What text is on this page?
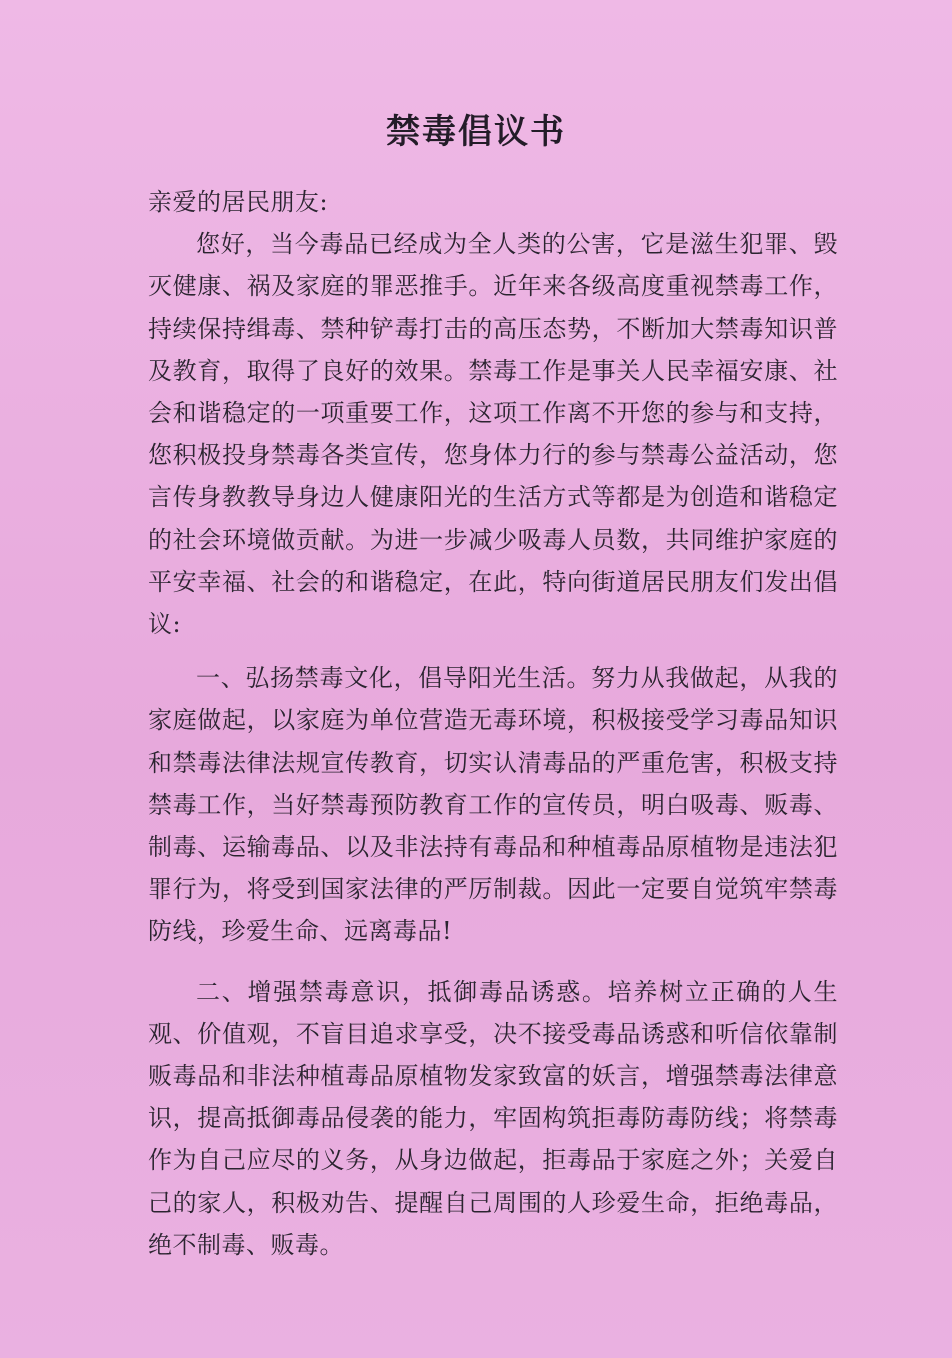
禁毒倡议书

亲爱的居民朋友:

您好，当今毒品已经成为全人类的公害，它是滋生犯罪、毁灭健康、祸及家庭的罪恶推手。近年来各级高度重视禁毒工作，持续保持缉毒、禁种铲毒打击的高压态势，不断加大禁毒知识普及教育，取得了良好的效果。禁毒工作是事关人民幸福安康、社会和谐稳定的一项重要工作，这项工作离不开您的参与和支持，您积极投身禁毒各类宣传，您身体力行的参与禁毒公益活动，您言传身教教导身边人健康阳光的生活方式等都是为创造和谐稳定的社会环境做贡献。为进一步减少吸毒人员数，共同维护家庭的平安幸福、社会的和谐稳定，在此，特向街道居民朋友们发出倡议:

一、弘扬禁毒文化，倡导阳光生活。努力从我做起，从我的家庭做起，以家庭为单位营造无毒环境，积极接受学习毒品知识和禁毒法律法规宣传教育，切实认清毒品的严重危害，积极支持禁毒工作，当好禁毒预防教育工作的宣传员，明白吸毒、贩毒、制毒、运输毒品、以及非法持有毒品和种植毒品原植物是违法犯罪行为，将受到国家法律的严厉制裁。因此一定要自觉筑牢禁毒防线，珍爱生命、远离毒品!

二、增强禁毒意识，抵御毒品诱惑。培养树立正确的人生观、价值观，不盲目追求享受，决不接受毒品诱惑和听信依靠制贩毒品和非法种植毒品原植物发家致富的妖言，增强禁毒法律意识，提高抵御毒品侵袭的能力，牢固构筑拒毒防毒防线；将禁毒作为自己应尽的义务，从身边做起，拒毒品于家庭之外；关爱自己的家人，积极劝告、提醒自己周围的人珍爱生命，拒绝毒品，绝不制毒、贩毒。
